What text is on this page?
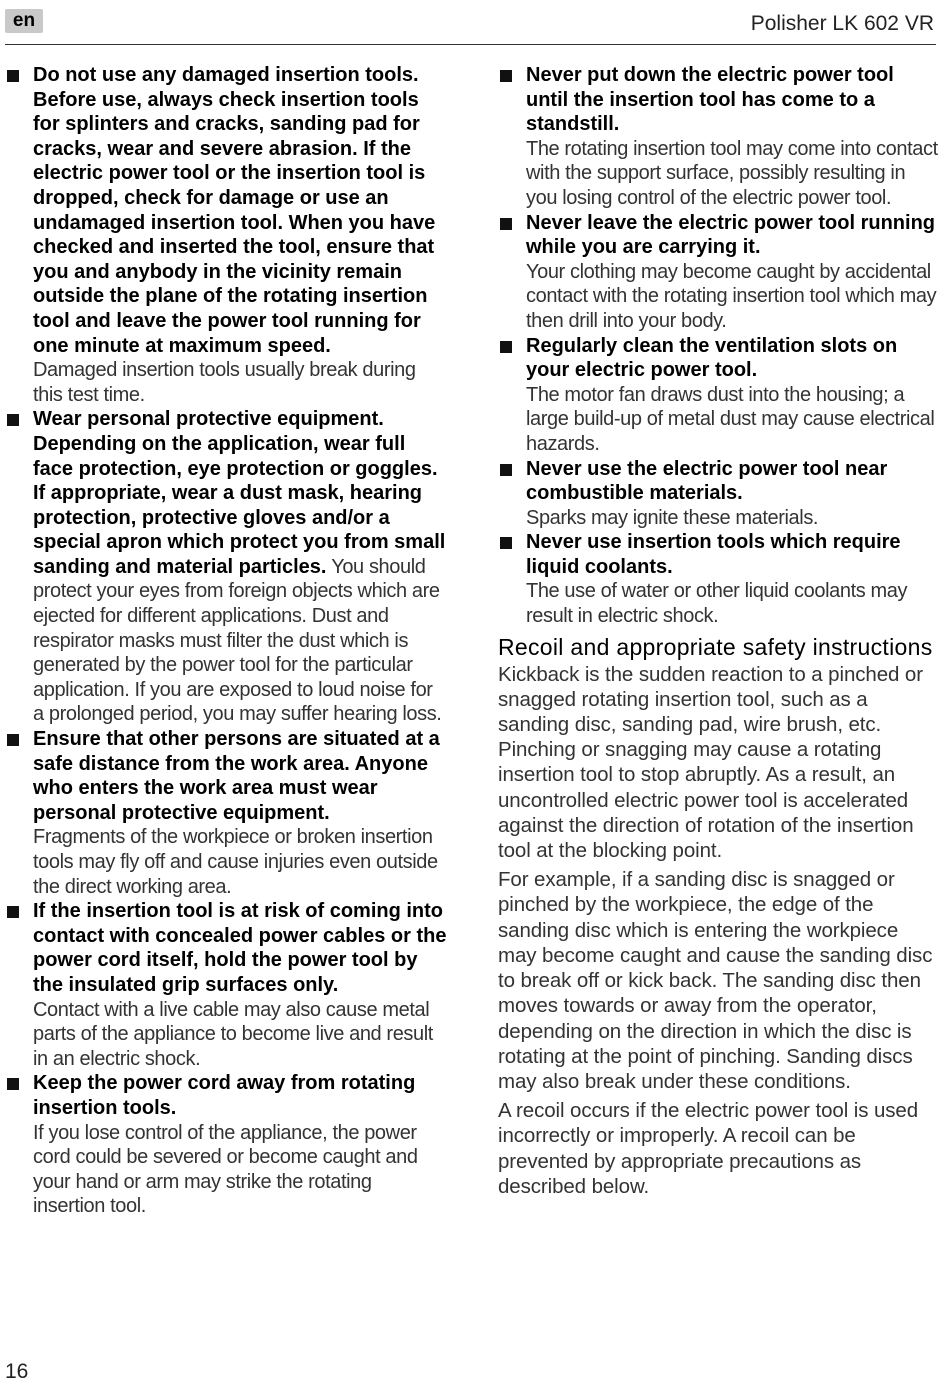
en	Polisher LK 602 VR
Do not use any damaged insertion tools. Before use, always check insertion tools for splinters and cracks, sanding pad for cracks, wear and severe abrasion. If the electric power tool or the insertion tool is dropped, check for damage or use an undamaged insertion tool. When you have checked and inserted the tool, ensure that you and anybody in the vicinity remain outside the plane of the rotating insertion tool and leave the power tool running for one minute at maximum speed.
Damaged insertion tools usually break during this test time.
Wear personal protective equipment. Depending on the application, wear full face protection, eye protection or goggles. If appropriate, wear a dust mask, hearing protection, protective gloves and/or a special apron which protect you from small sanding and material particles. You should protect your eyes from foreign objects which are ejected for different applications. Dust and respirator masks must filter the dust which is generated by the power tool for the particular application. If you are exposed to loud noise for a prolonged period, you may suffer hearing loss.
Ensure that other persons are situated at a safe distance from the work area. Anyone who enters the work area must wear personal protective equipment.
Fragments of the workpiece or broken insertion tools may fly off and cause injuries even outside the direct working area.
If the insertion tool is at risk of coming into contact with concealed power cables or the power cord itself, hold the power tool by the insulated grip surfaces only.
Contact with a live cable may also cause metal parts of the appliance to become live and result in an electric shock.
Keep the power cord away from rotating insertion tools.
If you lose control of the appliance, the power cord could be severed or become caught and your hand or arm may strike the rotating insertion tool.
Never put down the electric power tool until the insertion tool has come to a standstill.
The rotating insertion tool may come into contact with the support surface, possibly resulting in you losing control of the electric power tool.
Never leave the electric power tool running while you are carrying it.
Your clothing may become caught by accidental contact with the rotating insertion tool which may then drill into your body.
Regularly clean the ventilation slots on your electric power tool.
The motor fan draws dust into the housing; a large build-up of metal dust may cause electrical hazards.
Never use the electric power tool near combustible materials.
Sparks may ignite these materials.
Never use insertion tools which require liquid coolants.
The use of water or other liquid coolants may result in electric shock.
Recoil and appropriate safety instructions

Kickback is the sudden reaction to a pinched or snagged rotating insertion tool, such as a sanding disc, sanding pad, wire brush, etc. Pinching or snagging may cause a rotating insertion tool to stop abruptly. As a result, an uncontrolled electric power tool is accelerated against the direction of rotation of the insertion tool at the blocking point.

For example, if a sanding disc is snagged or pinched by the workpiece, the edge of the sanding disc which is entering the workpiece may become caught and cause the sanding disc to break off or kick back. The sanding disc then moves towards or away from the operator, depending on the direction in which the disc is rotating at the point of pinching. Sanding discs may also break under these conditions.

A recoil occurs if the electric power tool is used incorrectly or improperly. A recoil can be prevented by appropriate precautions as described below.

16
